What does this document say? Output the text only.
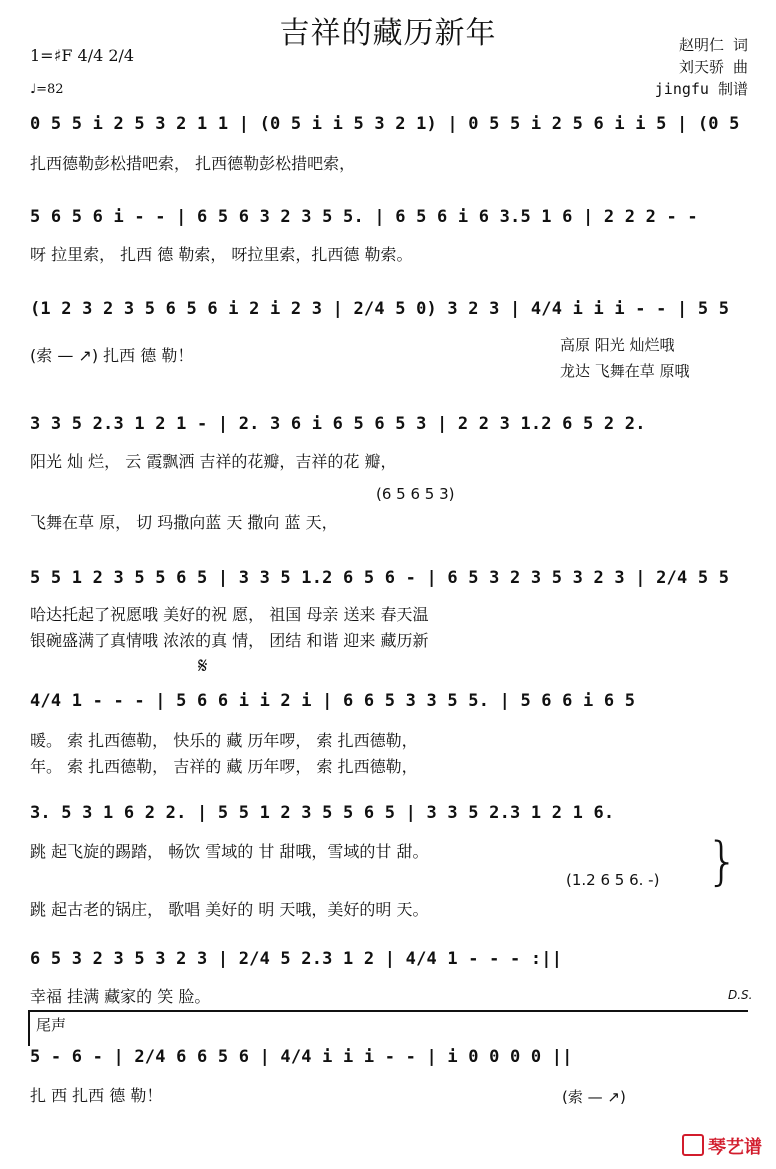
吉祥的藏历新年	赵明仁 词
刘天骄 曲
jingfu 制谱
1=♯F 4/4 2/4
♩=82
0 5 5 i 2 5 3 2 1 1 | (0 5 i i 5 3 2 1) | 0 5 5 i 2 5 6 i i 5 | (0 5
扎西德勒彭松措吧索， 扎西德勒彭松措吧索，
5 6 5 6 i - - | 6 5 6 3 2 3 5 5. | 6 5 6 i 6 3.5 1 6 | 2 2 2 - -
呀 拉里索， 扎西 德 勒索， 呀拉里索，扎西德 勒索。
(1 2 3 2 3 5 6 5 6 i 2 i 2 3 | 2/4 5 0) 3 2 3 | 4/4 i i i - - | 5 5
(索 — ↗) 扎西 德 勒！
高原 阳光 灿烂哦
龙达 飞舞在草 原哦
3 3 5 2.3 1 2 1 - | 2. 3 6 i 6 5 6 5 3 | 2 2 3 1.2 6 5 2 2.
阳光 灿 烂， 云 霞飘洒 吉祥的花瓣，吉祥的花 瓣，
(6 5 6 5 3)
飞舞在草 原， 切 玛撒向蓝 天 撒向 蓝 天，
5 5 1 2 3 5 5 6 5 | 3 3 5 1.2 6 5 6 - | 6 5 3 2 3 5 3 2 3 | 2/4 5 5
哈达托起了祝愿哦 美好的祝 愿， 祖国 母亲 送来 春天温
银碗盛满了真情哦 浓浓的真 情， 团结 和谐 迎来 藏历新
𝄋
4/4 1 - - - | 5 6 6 i i 2 i | 6 6 5 3 3 5 5. | 5 6 6 i 6 5
暖。 索 扎西德勒， 快乐的 藏 历年啰， 索 扎西德勒，
年。 索 扎西德勒， 吉祥的 藏 历年啰， 索 扎西德勒，
3. 5 3 1 6 2 2. | 5 5 1 2 3 5 5 6 5 | 3 3 5 2.3 1 2 1 6.
跳 起飞旋的踢踏， 畅饮 雪域的 甘 甜哦，雪域的甘 甜。
(1.2 6 5 6. -)
跳 起古老的锅庄， 歌唱 美好的 明 天哦，美好的明 天。
}
6 5 3 2 3 5 3 2 3 | 2/4 5 2.3 1 2 | 4/4 1 - - - :||
幸福 挂满 藏家的 笑 脸。	D.S.
尾声
5 - 6 - | 2/4 6 6 5 6 | 4/4 i i i - - | i 0 0 0 0 ||
扎 西 扎西 德 勒！	(索 — ↗)
琴艺谱
